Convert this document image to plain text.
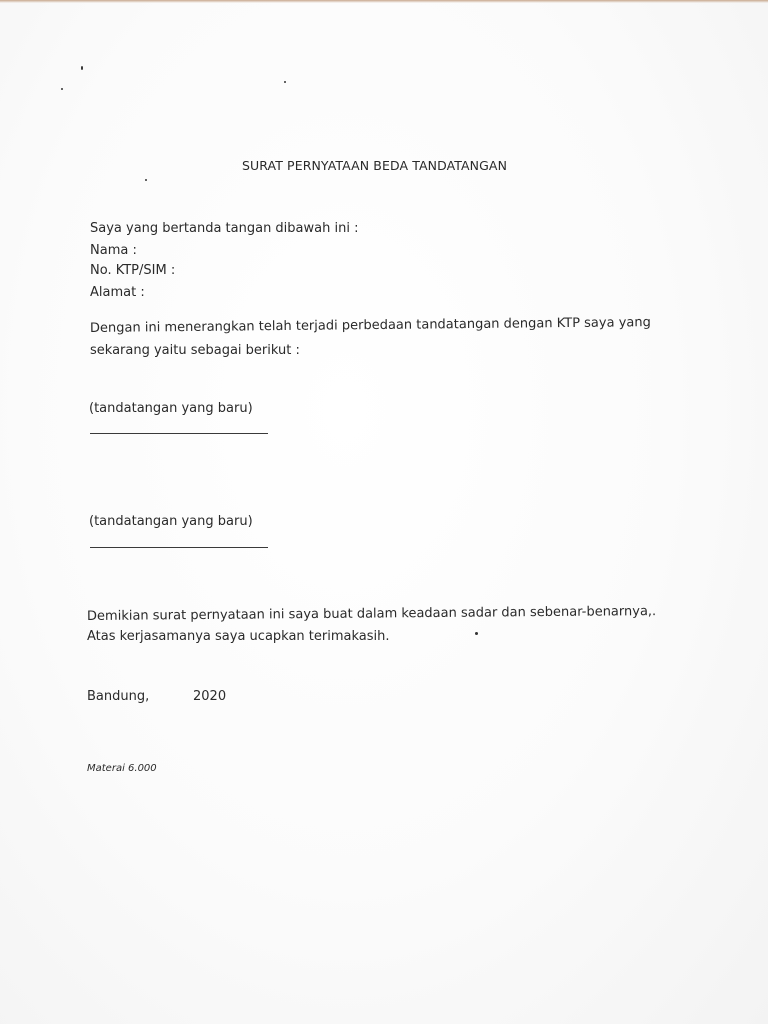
SURAT PERNYATAAN BEDA TANDATANGAN
Saya yang bertanda tangan dibawah ini :
Nama :
No. KTP/SIM :
Alamat :
Dengan ini menerangkan telah terjadi perbedaan tandatangan dengan KTP saya yang
sekarang yaitu sebagai berikut :
(tandatangan yang baru)
(tandatangan yang baru)
Demikian surat pernyataan ini saya buat dalam keadaan sadar dan sebenar-benarnya,.
Atas kerjasamanya saya ucapkan terimakasih.
Bandung,	2020
Materai 6.000
